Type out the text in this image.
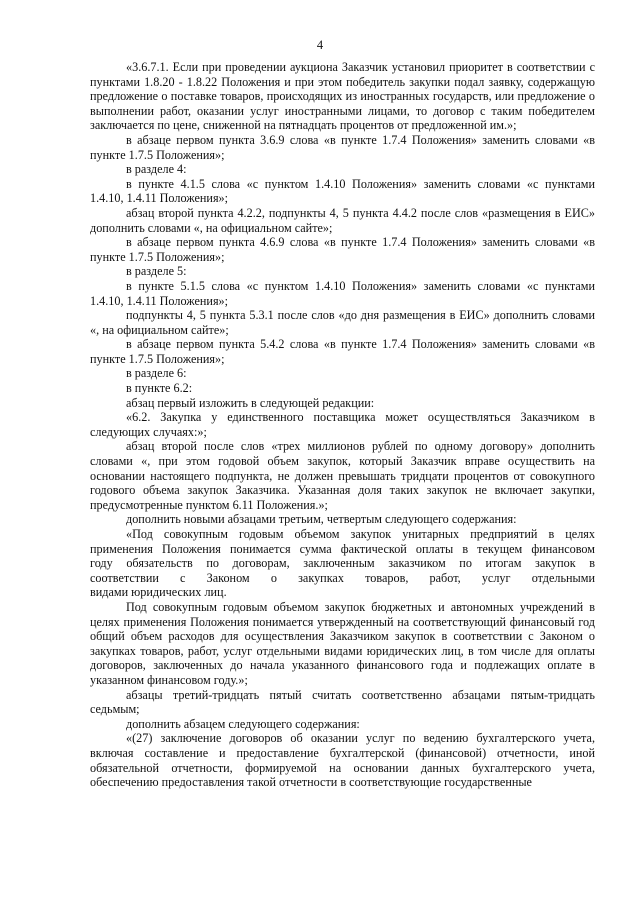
4
«3.6.7.1. Если при проведении аукциона Заказчик установил приоритет в соответствии с пунктами 1.8.20 - 1.8.22 Положения и при этом победитель закупки подал заявку, содержащую предложение о поставке товаров, происходящих из иностранных государств, или предложение о выполнении работ, оказании услуг иностранными лицами, то договор с таким победителем заключается по цене, сниженной на пятнадцать процентов от предложенной им.»;
в абзаце первом пункта 3.6.9 слова «в пункте 1.7.4 Положения» заменить словами «в пункте 1.7.5 Положения»;
в разделе 4:
в пункте 4.1.5 слова «с пунктом 1.4.10 Положения» заменить словами «с пунктами
1.4.10, 1.4.11 Положения»;
абзац второй пункта 4.2.2, подпункты 4, 5 пункта 4.4.2 после слов «размещения в ЕИС» дополнить словами «, на официальном сайте»;
в абзаце первом пункта 4.6.9 слова «в пункте 1.7.4 Положения» заменить словами «в пункте 1.7.5 Положения»;
в разделе 5:
в пункте 5.1.5 слова «с пунктом 1.4.10 Положения» заменить словами «с пунктами
1.4.10, 1.4.11 Положения»;
подпункты 4, 5 пункта 5.3.1 после слов «до дня размещения в ЕИС» дополнить словами «, на официальном сайте»;
в абзаце первом пункта 5.4.2 слова «в пункте 1.7.4 Положения» заменить словами «в пункте 1.7.5 Положения»;
в разделе 6:
в пункте 6.2:
абзац первый изложить в следующей редакции:
«6.2. Закупка у единственного поставщика может осуществляться Заказчиком в следующих случаях:»;
абзац второй после слов «трех миллионов рублей по одному договору» дополнить словами «, при этом годовой объем закупок, который Заказчик вправе осуществить на основании настоящего подпункта, не должен превышать тридцати процентов от совокупного годового объема закупок Заказчика. Указанная доля таких закупок не включает закупки, предусмотренные пунктом 6.11 Положения.»;
дополнить новыми абзацами третьим, четвертым следующего содержания:
«Под совокупным годовым объемом закупок унитарных предприятий в целях
применения Положения понимается сумма фактической оплаты в текущем финансовом
году обязательств по договорам, заключенным заказчиком по итогам закупок в
соответствии с Законом о закупках товаров, работ, услуг отдельными
видами юридических лиц.
Под совокупным годовым объемом закупок бюджетных и автономных учреждений в целях применения Положения понимается утвержденный на соответствующий финансовый год общий объем расходов для осуществления Заказчиком закупок в соответствии с Законом о закупках товаров, работ, услуг отдельными видами юридических лиц, в том числе для оплаты договоров, заключенных до начала указанного финансового года и подлежащих оплате в указанном финансовом году.»;
абзацы третий-тридцать пятый считать соответственно абзацами пятым-тридцать
седьмым;
дополнить абзацем следующего содержания:
«(27) заключение договоров об оказании услуг по ведению бухгалтерского учета, включая составление и предоставление бухгалтерской (финансовой) отчетности, иной обязательной отчетности, формируемой на основании данных бухгалтерского учета, обеспечению предоставления такой отчетности в соответствующие государственные
